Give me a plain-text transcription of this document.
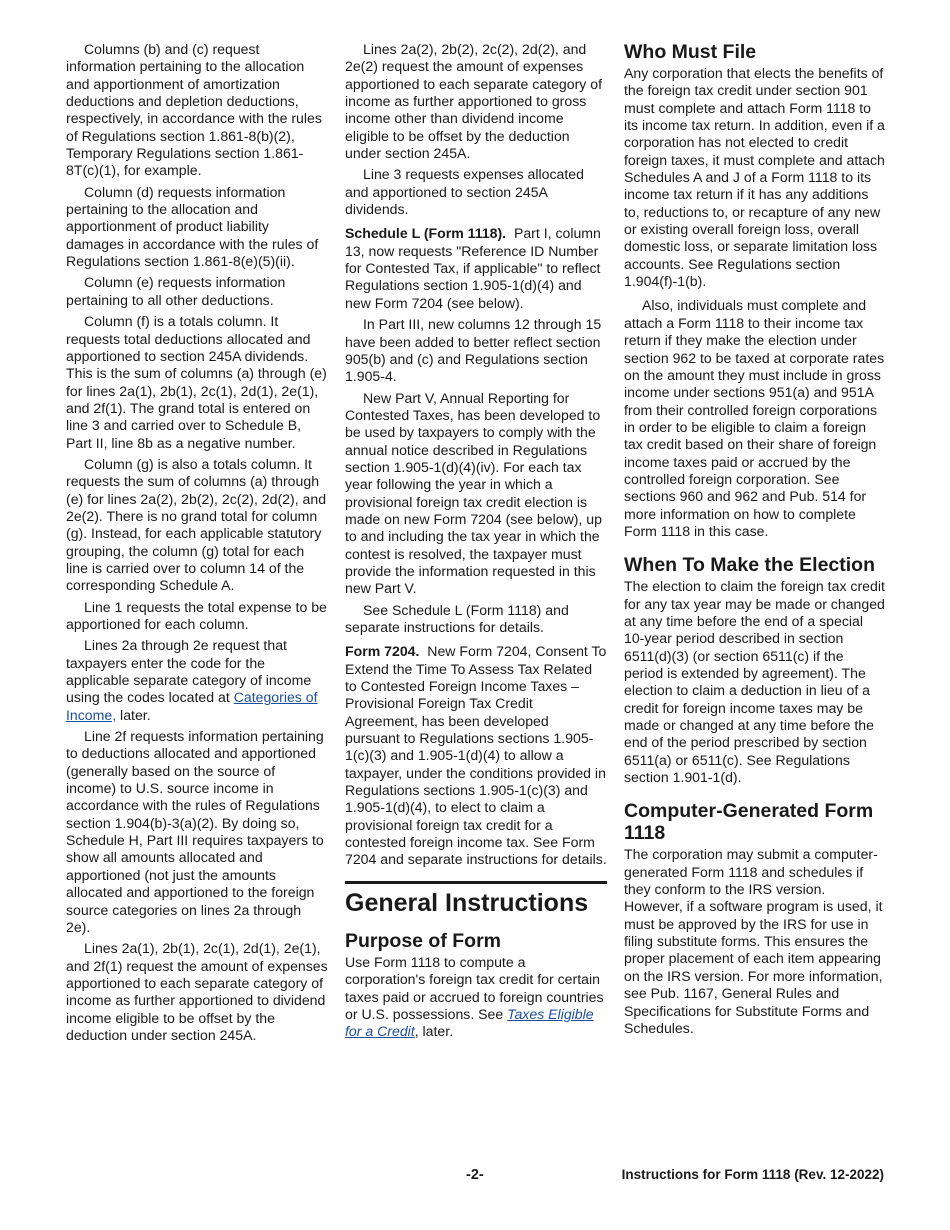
Columns (b) and (c) request information pertaining to the allocation and apportionment of amortization deductions and depletion deductions, respectively, in accordance with the rules of Regulations section 1.861-8(b)(2), Temporary Regulations section 1.861-8T(c)(1), for example.

Column (d) requests information pertaining to the allocation and apportionment of product liability damages in accordance with the rules of Regulations section 1.861-8(e)(5)(ii).

Column (e) requests information pertaining to all other deductions.

Column (f) is a totals column. It requests total deductions allocated and apportioned to section 245A dividends. This is the sum of columns (a) through (e) for lines 2a(1), 2b(1), 2c(1), 2d(1), 2e(1), and 2f(1). The grand total is entered on line 3 and carried over to Schedule B, Part II, line 8b as a negative number.

Column (g) is also a totals column. It requests the sum of columns (a) through (e) for lines 2a(2), 2b(2), 2c(2), 2d(2), and 2e(2). There is no grand total for column (g). Instead, for each applicable statutory grouping, the column (g) total for each line is carried over to column 14 of the corresponding Schedule A.

Line 1 requests the total expense to be apportioned for each column.

Lines 2a through 2e request that taxpayers enter the code for the applicable separate category of income using the codes located at Categories of Income, later.

Line 2f requests information pertaining to deductions allocated and apportioned (generally based on the source of income) to U.S. source income in accordance with the rules of Regulations section 1.904(b)-3(a)(2). By doing so, Schedule H, Part III requires taxpayers to show all amounts allocated and apportioned (not just the amounts allocated and apportioned to the foreign source categories on lines 2a through 2e).

Lines 2a(1), 2b(1), 2c(1), 2d(1), 2e(1), and 2f(1) request the amount of expenses apportioned to each separate category of income as further apportioned to dividend income eligible to be offset by the deduction under section 245A.

Lines 2a(2), 2b(2), 2c(2), 2d(2), and 2e(2) request the amount of expenses apportioned to each separate category of income as further apportioned to gross income other than dividend income eligible to be offset by the deduction under section 245A.

Line 3 requests expenses allocated and apportioned to section 245A dividends.

Schedule L (Form 1118). Part I, column 13, now requests "Reference ID Number for Contested Tax, if applicable" to reflect Regulations section 1.905-1(d)(4) and new Form 7204 (see below).

In Part III, new columns 12 through 15 have been added to better reflect section 905(b) and (c) and Regulations section 1.905-4.

New Part V, Annual Reporting for Contested Taxes, has been developed to be used by taxpayers to comply with the annual notice described in Regulations section 1.905-1(d)(4)(iv). For each tax year following the year in which a provisional foreign tax credit election is made on new Form 7204 (see below), up to and including the tax year in which the contest is resolved, the taxpayer must provide the information requested in this new Part V.

See Schedule L (Form 1118) and separate instructions for details.

Form 7204. New Form 7204, Consent To Extend the Time To Assess Tax Related to Contested Foreign Income Taxes – Provisional Foreign Tax Credit Agreement, has been developed pursuant to Regulations sections 1.905-1(c)(3) and 1.905-1(d)(4) to allow a taxpayer, under the conditions provided in Regulations sections 1.905-1(c)(3) and 1.905-1(d)(4), to elect to claim a provisional foreign tax credit for a contested foreign income tax. See Form 7204 and separate instructions for details.

General Instructions
Purpose of Form

Use Form 1118 to compute a corporation's foreign tax credit for certain taxes paid or accrued to foreign countries or U.S. possessions. See Taxes Eligible for a Credit, later.

Who Must File

Any corporation that elects the benefits of the foreign tax credit under section 901 must complete and attach Form 1118 to its income tax return. In addition, even if a corporation has not elected to credit foreign taxes, it must complete and attach Schedules A and J of a Form 1118 to its income tax return if it has any additions to, reductions to, or recapture of any new or existing overall foreign loss, overall domestic loss, or separate limitation loss accounts. See Regulations section 1.904(f)-1(b).

Also, individuals must complete and attach a Form 1118 to their income tax return if they make the election under section 962 to be taxed at corporate rates on the amount they must include in gross income under sections 951(a) and 951A from their controlled foreign corporations in order to be eligible to claim a foreign tax credit based on their share of foreign income taxes paid or accrued by the controlled foreign corporation. See sections 960 and 962 and Pub. 514 for more information on how to complete Form 1118 in this case.

When To Make the Election

The election to claim the foreign tax credit for any tax year may be made or changed at any time before the end of a special 10-year period described in section 6511(d)(3) (or section 6511(c) if the period is extended by agreement). The election to claim a deduction in lieu of a credit for foreign income taxes may be made or changed at any time before the end of the period prescribed by section 6511(a) or 6511(c). See Regulations section 1.901-1(d).

Computer-Generated Form 1118

The corporation may submit a computer-generated Form 1118 and schedules if they conform to the IRS version. However, if a software program is used, it must be approved by the IRS for use in filing substitute forms. This ensures the proper placement of each item appearing on the IRS version. For more information, see Pub. 1167, General Rules and Specifications for Substitute Forms and Schedules.

-2-	Instructions for Form 1118 (Rev. 12-2022)
